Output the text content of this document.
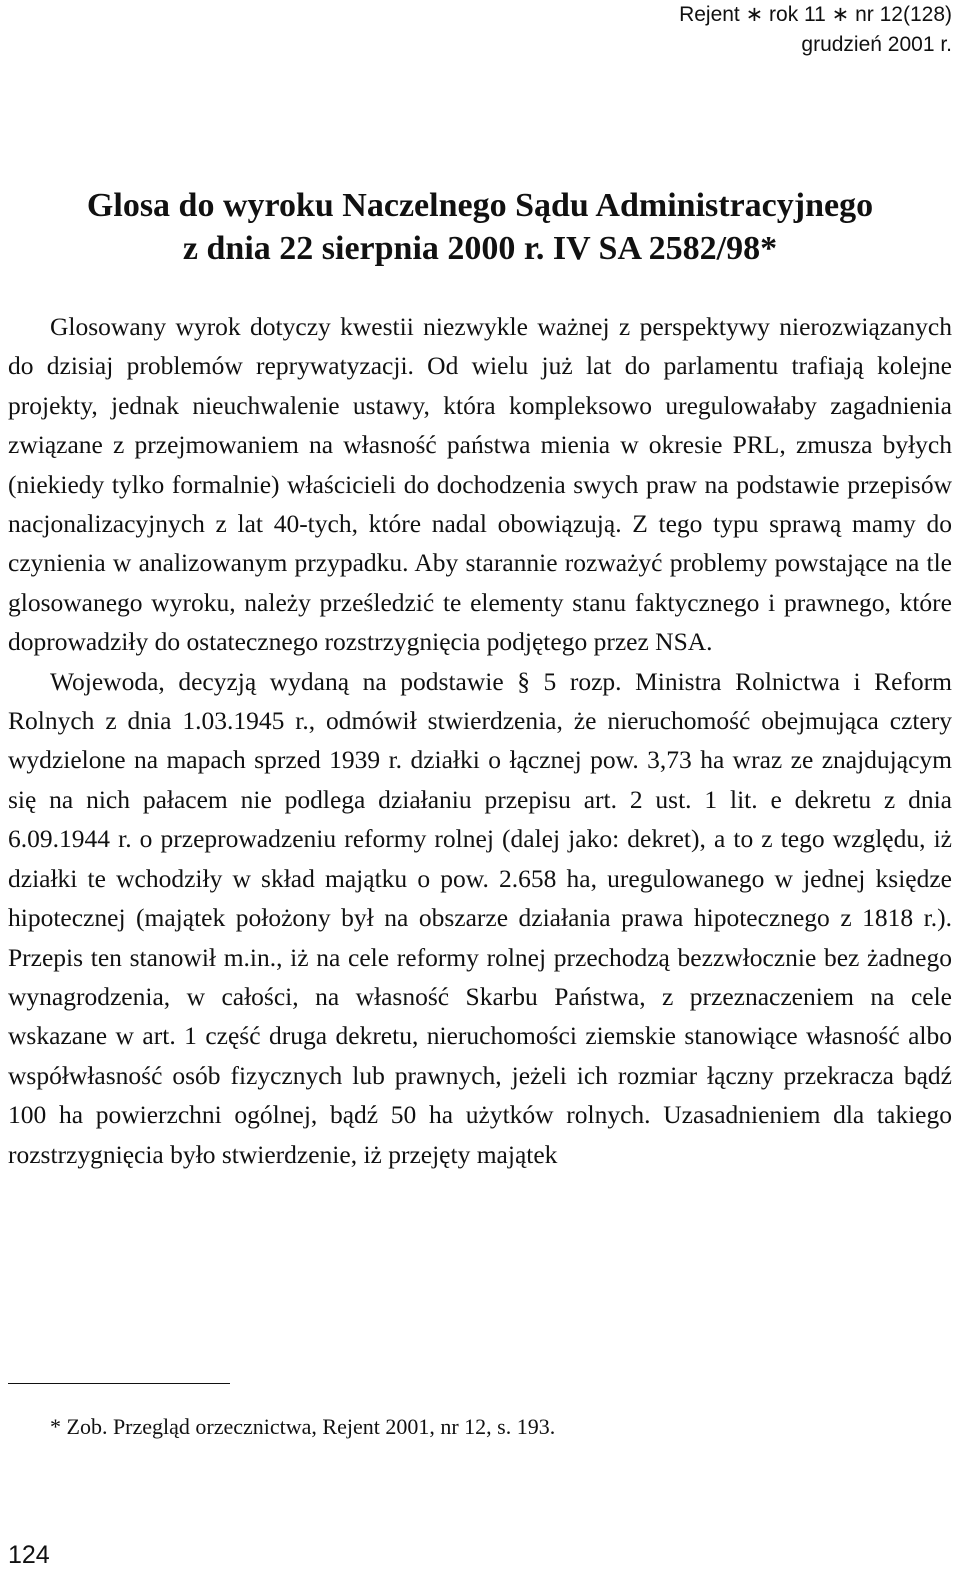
Rejent ∗ rok 11 ∗ nr 12(128)
grudzień 2001 r.
Glosa do wyroku Naczelnego Sądu Administracyjnego
z dnia 22 sierpnia 2000 r. IV SA 2582/98*

Glosowany wyrok dotyczy kwestii niezwykle ważnej z perspektywy nierozwiązanych do dzisiaj problemów reprywatyzacji. Od wielu już lat do parlamentu trafiają kolejne projekty, jednak nieuchwalenie ustawy, która kompleksowo uregulowałaby zagadnienia związane z przejmowaniem na własność państwa mienia w okresie PRL, zmusza byłych (niekiedy tylko formalnie) właścicieli do dochodzenia swych praw na podstawie przepisów nacjonalizacyjnych z lat 40-tych, które nadal obowiązują. Z tego typu sprawą mamy do czynienia w analizowanym przypadku. Aby starannie rozważyć problemy powstające na tle glosowanego wyroku, należy prześledzić te elementy stanu faktycznego i prawnego, które doprowadziły do ostatecznego rozstrzygnięcia podjętego przez NSA.

Wojewoda, decyzją wydaną na podstawie § 5 rozp. Ministra Rolnictwa i Reform Rolnych z dnia 1.03.1945 r., odmówił stwierdzenia, że nieruchomość obejmująca cztery wydzielone na mapach sprzed 1939 r. działki o łącznej pow. 3,73 ha wraz ze znajdującym się na nich pałacem nie podlega działaniu przepisu art. 2 ust. 1 lit. e dekretu z dnia 6.09.1944 r. o przeprowadzeniu reformy rolnej (dalej jako: dekret), a to z tego względu, iż działki te wchodziły w skład majątku o pow. 2.658 ha, uregulowanego w jednej księdze hipotecznej (majątek położony był na obszarze działania prawa hipotecznego z 1818 r.). Przepis ten stanowił m.in., iż na cele reformy rolnej przechodzą bezzwłocznie bez żadnego wynagrodzenia, w całości, na własność Skarbu Państwa, z przeznaczeniem na cele wskazane w art. 1 część druga dekretu, nieruchomości ziemskie stanowiące własność albo współwłasność osób fizycznych lub prawnych, jeżeli ich rozmiar łączny przekracza bądź 100 ha powierzchni ogólnej, bądź 50 ha użytków rolnych. Uzasadnieniem dla takiego rozstrzygnięcia było stwierdzenie, iż przejęty majątek

* Zob. Przegląd orzecznictwa, Rejent 2001, nr 12, s. 193.
124
